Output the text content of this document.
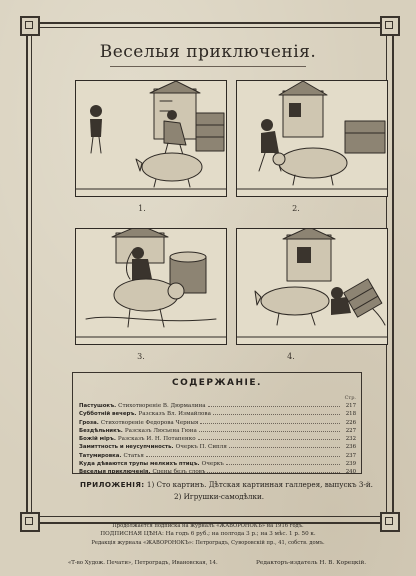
Веселыя приключенія.
1.	2.
3.	4.
СОДЕРЖАНІЕ.
Стр.
Пастушокъ. Стихотвореніе В. Дюрмалина	217
Субботній вечеръ. Разсказъ Вл. Измайлова	218
Гроза. Стихотвореніе Федорова Черныя	226
Бездѣльникъ. Разсказъ Люсьена Гюна	227
Божій міръ. Разсказъ И. Н. Потапенко	232
Замиттность и неусупчиность. Очеркъ П. Сипля	236
Татумировка. Статья	237
Куда дѣваются трупы мелкихъ птицъ. Очеркъ	239
Веселыя приключенія. Сцены безъ словъ	240
ПРИЛОЖЕНІЯ: 1) Сто картинъ. Дѣтская картинная галлерея, выпускъ 3-й.
2) Игрушки-самодѣлки.
Продолжается подписка на журналъ «ЖАВОРОНОКЪ» на 1916 годъ.
ПОДПИСНАЯ ЦѢНА: На годъ 6 руб.; на полгода 3 р.; на 3 мѣс. 1 р. 50 к.
Редакція журнала «ЖАВОРОНОКЪ»: Петроградъ, Суворовскій пр., 41, собств. домъ.
«Т-во Худож. Печати», Петроградъ, Ивановская, 14.	Редакторъ-издатель Н. В. Корецкій.
